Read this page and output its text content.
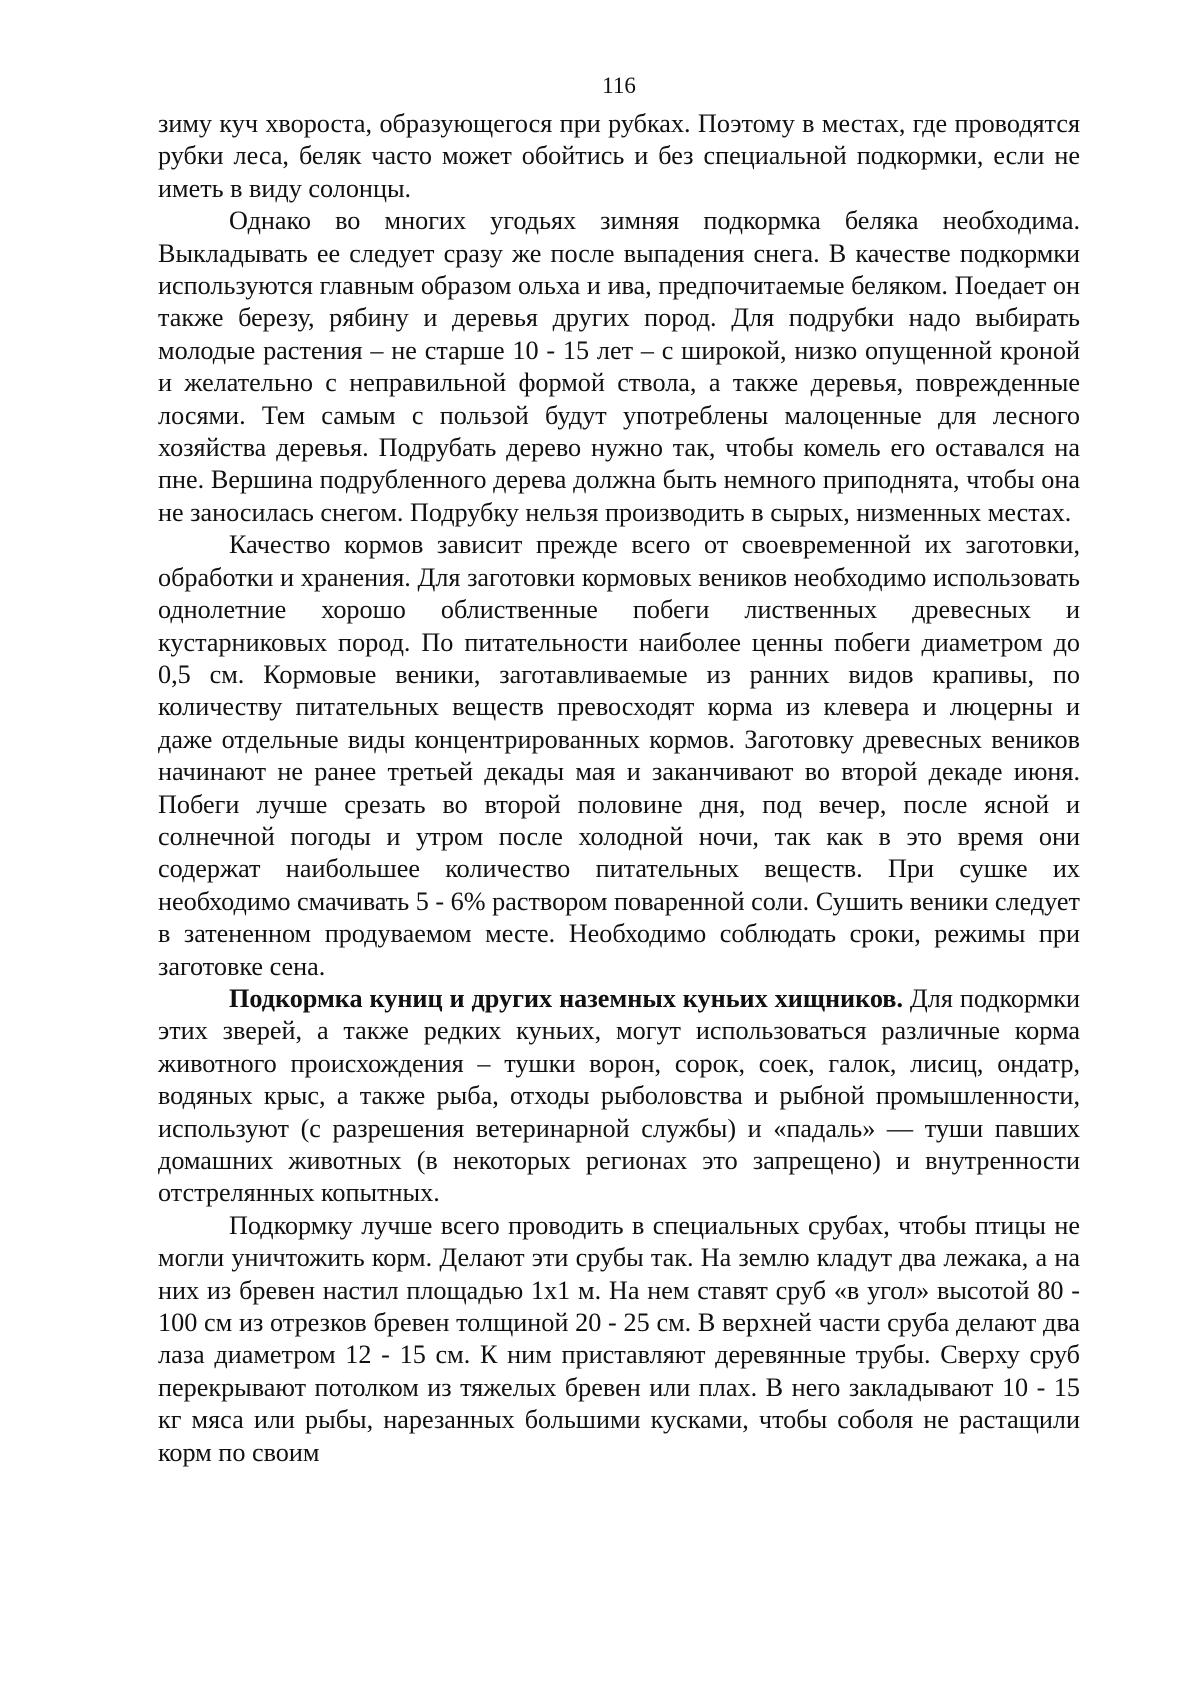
116

зиму куч хвороста, образующегося при рубках. Поэтому в местах, где проводятся рубки леса, беляк часто может обойтись и без специальной подкормки, если не иметь в виду солонцы.

Однако во многих угодьях зимняя подкормка беляка необходима. Выкладывать ее следует сразу же после выпадения снега. В качестве подкормки используются главным образом ольха и ива, предпочитаемые беляком. Поедает он также березу, рябину и деревья других пород. Для подрубки надо выбирать молодые растения – не старше 10 - 15 лет – с широкой, низко опущенной кроной и желательно с неправильной формой ствола, а также деревья, поврежденные лосями. Тем самым с пользой будут употреблены малоценные для лесного хозяйства деревья. Подрубать дерево нужно так, чтобы комель его оставался на пне. Вершина подрубленного дерева должна быть немного приподнята, чтобы она не заносилась снегом. Подрубку нельзя производить в сырых, низменных местах.

Качество кормов зависит прежде всего от своевременной их заготовки, обработки и хранения. Для заготовки кормовых веников необходимо использовать однолетние хорошо облиственные побеги лиственных древесных и кустарниковых пород. По питательности наиболее ценны побеги диаметром до 0,5 см. Кормовые веники, заготавливаемые из ранних видов крапивы, по количеству питательных веществ превосходят корма из клевера и люцерны и даже отдельные виды концентрированных кормов. Заготовку древесных веников начинают не ранее третьей декады мая и заканчивают во второй декаде июня. Побеги лучше срезать во второй половине дня, под вечер, после ясной и солнечной погоды и утром после холодной ночи, так как в это время они содержат наибольшее количество питательных веществ. При сушке их необходимо смачивать 5 - 6% раствором поваренной соли. Сушить веники следует в затененном продуваемом месте. Необходимо соблюдать сроки, режимы при заготовке сена.

Подкормка куниц и других наземных куньих хищников. Для подкормки этих зверей, а также редких куньих, могут использоваться различные корма животного происхождения – тушки ворон, сорок, соек, галок, лисиц, ондатр, водяных крыс, а также рыба, отходы рыболовства и рыбной промышленности, используют (с разрешения ветеринарной службы) и «падаль» — туши павших домашних животных (в некоторых регионах это запрещено) и внутренности отстрелянных копытных.

Подкормку лучше всего проводить в специальных срубах, чтобы птицы не могли уничтожить корм. Делают эти срубы так. На землю кладут два лежака, а на них из бревен настил площадью 1х1 м. На нем ставят сруб «в угол» высотой 80 - 100 см из отрезков бревен толщиной 20 - 25 см. В верхней части сруба делают два лаза диаметром 12 - 15 см. К ним приставляют деревянные трубы. Сверху сруб перекрывают потолком из тяжелых бревен или плах. В него закладывают 10 - 15 кг мяса или рыбы, нарезанных большими кусками, чтобы соболя не растащили корм по своим
